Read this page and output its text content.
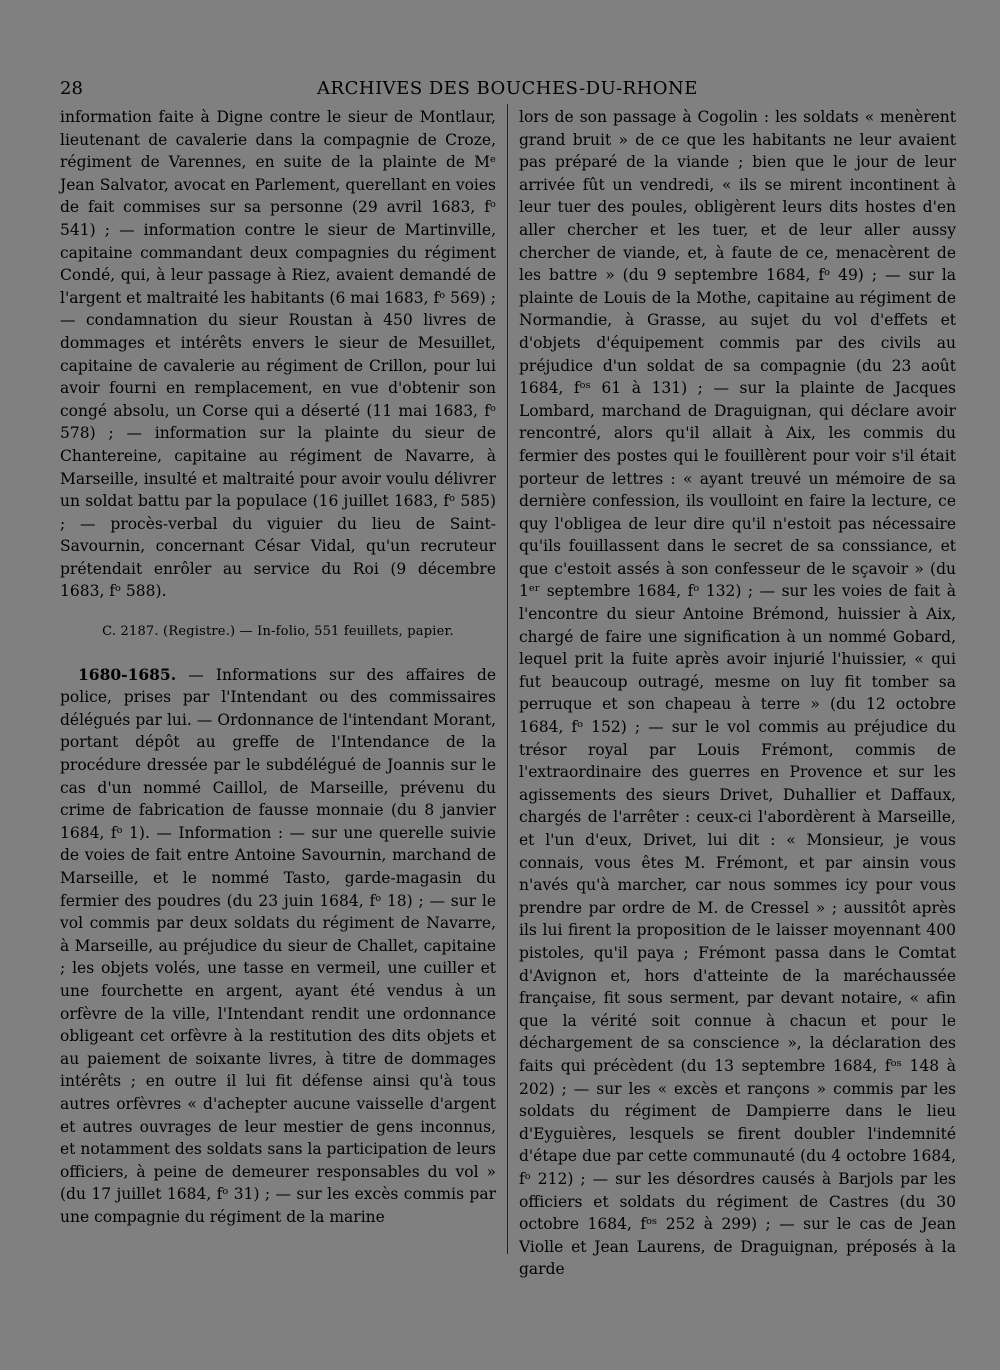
28	ARCHIVES DES BOUCHES-DU-RHONE

information faite à Digne contre le sieur de Montlaur, lieutenant de cavalerie dans la compagnie de Croze, régiment de Varennes, en suite de la plainte de Mᵉ Jean Salvator, avocat en Parlement, querellant en voies de fait commises sur sa personne (29 avril 1683, fᵒ 541) ; — information contre le sieur de Martinville, capitaine commandant deux compagnies du régiment Condé, qui, à leur passage à Riez, avaient demandé de l'argent et maltraité les habitants (6 mai 1683, fᵒ 569) ; — condamnation du sieur Roustan à 450 livres de dommages et intérêts envers le sieur de Mesuillet, capitaine de cavalerie au régiment de Crillon, pour lui avoir fourni en remplacement, en vue d'obtenir son congé absolu, un Corse qui a déserté (11 mai 1683, fᵒ 578) ; — information sur la plainte du sieur de Chantereine, capitaine au régiment de Navarre, à Marseille, insulté et maltraité pour avoir voulu délivrer un soldat battu par la populace (16 juillet 1683, fᵒ 585) ; — procès-verbal du viguier du lieu de Saint-Savournin, concernant César Vidal, qu'un recruteur prétendait enrôler au service du Roi (9 décembre 1683, fᵒ 588).

C. 2187. (Registre.) — In-folio, 551 feuillets, papier.

1680-1685. — Informations sur des affaires de police, prises par l'Intendant ou des commissaires délégués par lui. — Ordonnance de l'intendant Morant, portant dépôt au greffe de l'Intendance de la procédure dressée par le subdélégué de Joannis sur le cas d'un nommé Caillol, de Marseille, prévenu du crime de fabrication de fausse monnaie (du 8 janvier 1684, fᵒ 1). — Information : — sur une querelle suivie de voies de fait entre Antoine Savournin, marchand de Marseille, et le nommé Tasto, garde-magasin du fermier des poudres (du 23 juin 1684, fᵒ 18) ; — sur le vol commis par deux soldats du régiment de Navarre, à Marseille, au préjudice du sieur de Challet, capitaine ; les objets volés, une tasse en vermeil, une cuiller et une fourchette en argent, ayant été vendus à un orfèvre de la ville, l'Intendant rendit une ordonnance obligeant cet orfèvre à la restitution des dits objets et au paiement de soixante livres, à titre de dommages intérêts ; en outre il lui fit défense ainsi qu'à tous autres orfèvres « d'achepter aucune vaisselle d'argent et autres ouvrages de leur mestier de gens inconnus, et notamment des soldats sans la participation de leurs officiers, à peine de demeurer responsables du vol » (du 17 juillet 1684, fᵒ 31) ; — sur les excès commis par une compagnie du régiment de la marine

lors de son passage à Cogolin : les soldats « menèrent grand bruit » de ce que les habitants ne leur avaient pas préparé de la viande ; bien que le jour de leur arrivée fût un vendredi, « ils se mirent incontinent à leur tuer des poules, obligèrent leurs dits hostes d'en aller chercher et les tuer, et de leur aller aussy chercher de viande, et, à faute de ce, menacèrent de les battre » (du 9 septembre 1684, fᵒ 49) ; — sur la plainte de Louis de la Mothe, capitaine au régiment de Normandie, à Grasse, au sujet du vol d'effets et d'objets d'équipement commis par des civils au préjudice d'un soldat de sa compagnie (du 23 août 1684, fᵒˢ 61 à 131) ; — sur la plainte de Jacques Lombard, marchand de Draguignan, qui déclare avoir rencontré, alors qu'il allait à Aix, les commis du fermier des postes qui le fouillèrent pour voir s'il était porteur de lettres : « ayant treuvé un mémoire de sa dernière confession, ils voulloint en faire la lecture, ce quy l'obligea de leur dire qu'il n'estoit pas nécessaire qu'ils fouillassent dans le secret de sa conssiance, et que c'estoit assés à son confesseur de le sçavoir » (du 1ᵉʳ septembre 1684, fᵒ 132) ; — sur les voies de fait à l'encontre du sieur Antoine Brémond, huissier à Aix, chargé de faire une signification à un nommé Gobard, lequel prit la fuite après avoir injurié l'huissier, « qui fut beaucoup outragé, mesme on luy fit tomber sa perruque et son chapeau à terre » (du 12 octobre 1684, fᵒ 152) ; — sur le vol commis au préjudice du trésor royal par Louis Frémont, commis de l'extraordinaire des guerres en Provence et sur les agissements des sieurs Drivet, Duhallier et Daffaux, chargés de l'arrêter : ceux-ci l'abordèrent à Marseille, et l'un d'eux, Drivet, lui dit : « Monsieur, je vous connais, vous êtes M. Frémont, et par ainsin vous n'avés qu'à marcher, car nous sommes icy pour vous prendre par ordre de M. de Cressel » ; aussitôt après ils lui firent la proposition de le laisser moyennant 400 pistoles, qu'il paya ; Frémont passa dans le Comtat d'Avignon et, hors d'atteinte de la maréchaussée française, fit sous serment, par devant notaire, « afin que la vérité soit connue à chacun et pour le déchargement de sa conscience », la déclaration des faits qui précèdent (du 13 septembre 1684, fᵒˢ 148 à 202) ; — sur les « excès et rançons » commis par les soldats du régiment de Dampierre dans le lieu d'Eyguières, lesquels se firent doubler l'indemnité d'étape due par cette communauté (du 4 octobre 1684, fᵒ 212) ; — sur les désordres causés à Barjols par les officiers et soldats du régiment de Castres (du 30 octobre 1684, fᵒˢ 252 à 299) ; — sur le cas de Jean Violle et Jean Laurens, de Draguignan, préposés à la garde
